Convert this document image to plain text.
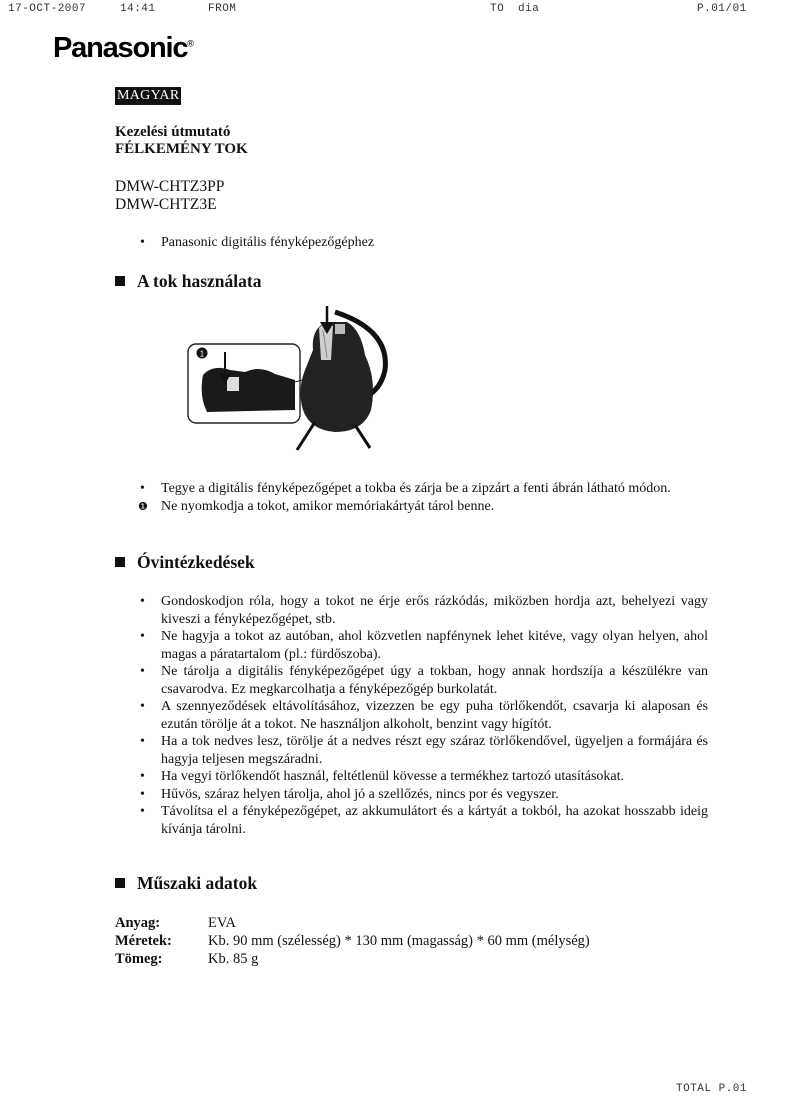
17-OCT-2007	14:41	FROM	TO dia	P.01/01
Panasonic®
MAGYAR
Kezelési útmutató
FÉLKEMÉNY TOK
DMW-CHTZ3PP
DMW-CHTZ3E
• Panasonic digitális fényképezőgéphez
A tok használata
1
• Tegye a digitális fényképezőgépet a tokba és zárja be a zipzárt a fenti ábrán látható módon.
❶ Ne nyomkodja a tokot, amikor memóriakártyát tárol benne.
Óvintézkedések
• Gondoskodjon róla, hogy a tokot ne érje erős rázkódás, miközben hordja azt, behelyezi vagy kiveszi a fényképezőgépet, stb.
• Ne hagyja a tokot az autóban, ahol közvetlen napfénynek lehet kitéve, vagy olyan helyen, ahol magas a páratartalom (pl.: fürdőszoba).
• Ne tárolja a digitális fényképezőgépet úgy a tokban, hogy annak hordszíja a készülékre van csavarodva. Ez megkarcolhatja a fényképezőgép burkolatát.
• A szennyeződések eltávolításához, vizezzen be egy puha törlőkendőt, csavarja ki alaposan és ezután törölje át a tokot. Ne használjon alkoholt, benzint vagy hígítót.
• Ha a tok nedves lesz, törölje át a nedves részt egy száraz törlőkendővel, ügyeljen a formájára és hagyja teljesen megszáradni.
• Ha vegyi törlőkendőt használ, feltétlenül kövesse a termékhez tartozó utasításokat.
• Hűvös, száraz helyen tárolja, ahol jó a szellőzés, nincs por és vegyszer.
• Távolítsa el a fényképezőgépet, az akkumulátort és a kártyát a tokból, ha azokat hosszabb ideig kívánja tárolni.
Műszaki adatok
Anyag:	EVA
Méretek:	Kb. 90 mm (szélesség) * 130 mm (magasság) * 60 mm (mélység)
Tömeg:	Kb. 85 g
TOTAL P.01
